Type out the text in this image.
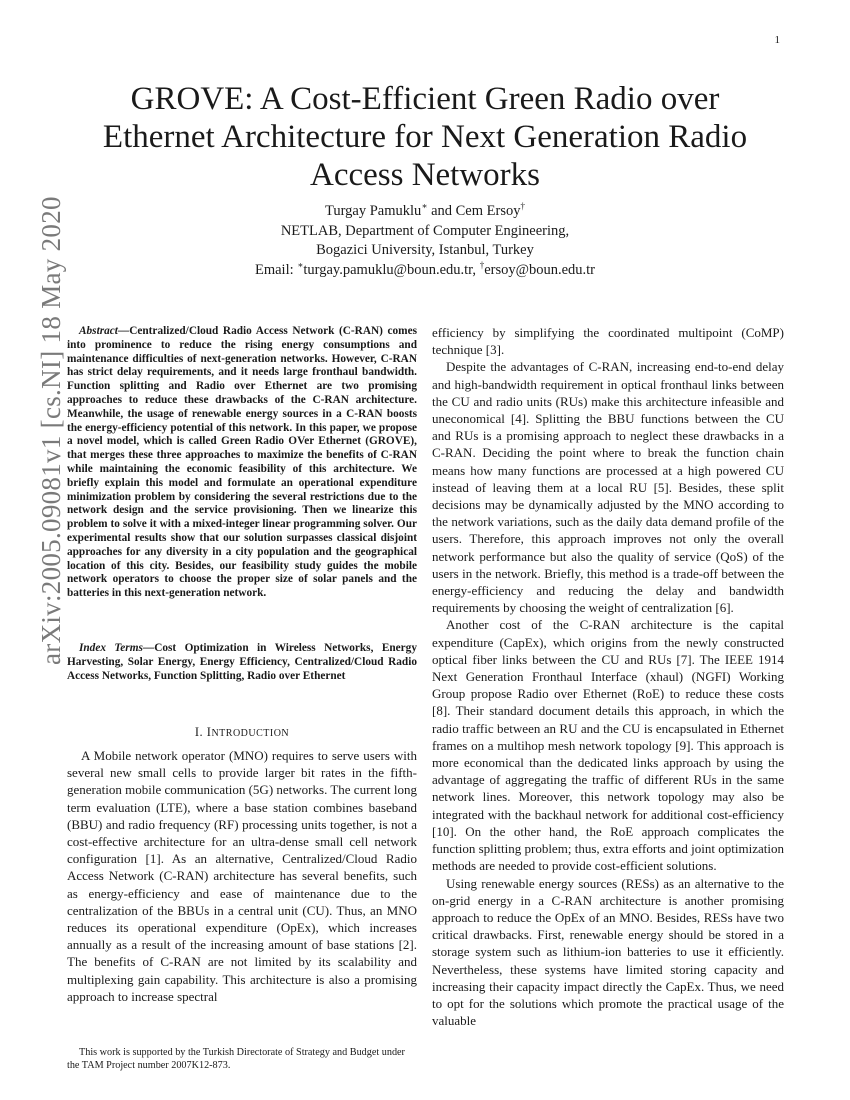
1
arXiv:2005.09081v1 [cs.NI] 18 May 2020
GROVE: A Cost-Efficient Green Radio over
Ethernet Architecture for Next Generation Radio
Access Networks
Turgay Pamuklu∗ and Cem Ersoy†
NETLAB, Department of Computer Engineering,
Bogazici University, Istanbul, Turkey
Email: ∗turgay.pamuklu@boun.edu.tr, †ersoy@boun.edu.tr
Abstract—Centralized/Cloud Radio Access Network (C-RAN) comes into prominence to reduce the rising energy consumptions and maintenance difficulties of next-generation networks. However, C-RAN has strict delay requirements, and it needs large fronthaul bandwidth. Function splitting and Radio over Ethernet are two promising approaches to reduce these drawbacks of the C-RAN architecture. Meanwhile, the usage of renewable energy sources in a C-RAN boosts the energy-efficiency potential of this network. In this paper, we propose a novel model, which is called Green Radio OVer Ethernet (GROVE), that merges these three approaches to maximize the benefits of C-RAN while maintaining the economic feasibility of this architecture. We briefly explain this model and formulate an operational expenditure minimization problem by considering the several restrictions due to the network design and the service provisioning. Then we linearize this problem to solve it with a mixed-integer linear programming solver. Our experimental results show that our solution surpasses classical disjoint approaches for any diversity in a city population and the geographical location of this city. Besides, our feasibility study guides the mobile network operators to choose the proper size of solar panels and the batteries in this next-generation network.
Index Terms—Cost Optimization in Wireless Networks, Energy Harvesting, Solar Energy, Energy Efficiency, Centralized/Cloud Radio Access Networks, Function Splitting, Radio over Ethernet
I. INTRODUCTION

A Mobile network operator (MNO) requires to serve users with several new small cells to provide larger bit rates in the fifth-generation mobile communication (5G) networks. The current long term evaluation (LTE), where a base station combines baseband (BBU) and radio frequency (RF) processing units together, is not a cost-effective architecture for an ultra-dense small cell network configuration [1]. As an alternative, Centralized/Cloud Radio Access Network (C-RAN) architecture has several benefits, such as energy-efficiency and ease of maintenance due to the centralization of the BBUs in a central unit (CU). Thus, an MNO reduces its operational expenditure (OpEx), which increases annually as a result of the increasing amount of base stations [2]. The benefits of C-RAN are not limited by its scalability and multiplexing gain capability. This architecture is also a promising approach to increase spectral

This work is supported by the Turkish Directorate of Strategy and Budget under the TAM Project number 2007K12-873.

efficiency by simplifying the coordinated multipoint (CoMP) technique [3].

Despite the advantages of C-RAN, increasing end-to-end delay and high-bandwidth requirement in optical fronthaul links between the CU and radio units (RUs) make this architecture infeasible and uneconomical [4]. Splitting the BBU functions between the CU and RUs is a promising approach to neglect these drawbacks in a C-RAN. Deciding the point where to break the function chain means how many functions are processed at a high powered CU instead of leaving them at a local RU [5]. Besides, these split decisions may be dynamically adjusted by the MNO according to the network variations, such as the daily data demand profile of the users. Therefore, this approach improves not only the overall network performance but also the quality of service (QoS) of the users in the network. Briefly, this method is a trade-off between the energy-efficiency and reducing the delay and bandwidth requirements by choosing the weight of centralization [6].

Another cost of the C-RAN architecture is the capital expenditure (CapEx), which origins from the newly constructed optical fiber links between the CU and RUs [7]. The IEEE 1914 Next Generation Fronthaul Interface (xhaul) (NGFI) Working Group propose Radio over Ethernet (RoE) to reduce these costs [8]. Their standard document details this approach, in which the radio traffic between an RU and the CU is encapsulated in Ethernet frames on a multihop mesh network topology [9]. This approach is more economical than the dedicated links approach by using the advantage of aggregating the traffic of different RUs in the same network lines. Moreover, this network topology may also be integrated with the backhaul network for additional cost-efficiency [10]. On the other hand, the RoE approach complicates the function splitting problem; thus, extra efforts and joint optimization methods are needed to provide cost-efficient solutions.

Using renewable energy sources (RESs) as an alternative to the on-grid energy in a C-RAN architecture is another promising approach to reduce the OpEx of an MNO. Besides, RESs have two critical drawbacks. First, renewable energy should be stored in a storage system such as lithium-ion batteries to use it efficiently. Nevertheless, these systems have limited storing capacity and increasing their capacity impact directly the CapEx. Thus, we need to opt for the solutions which promote the practical usage of the valuable
